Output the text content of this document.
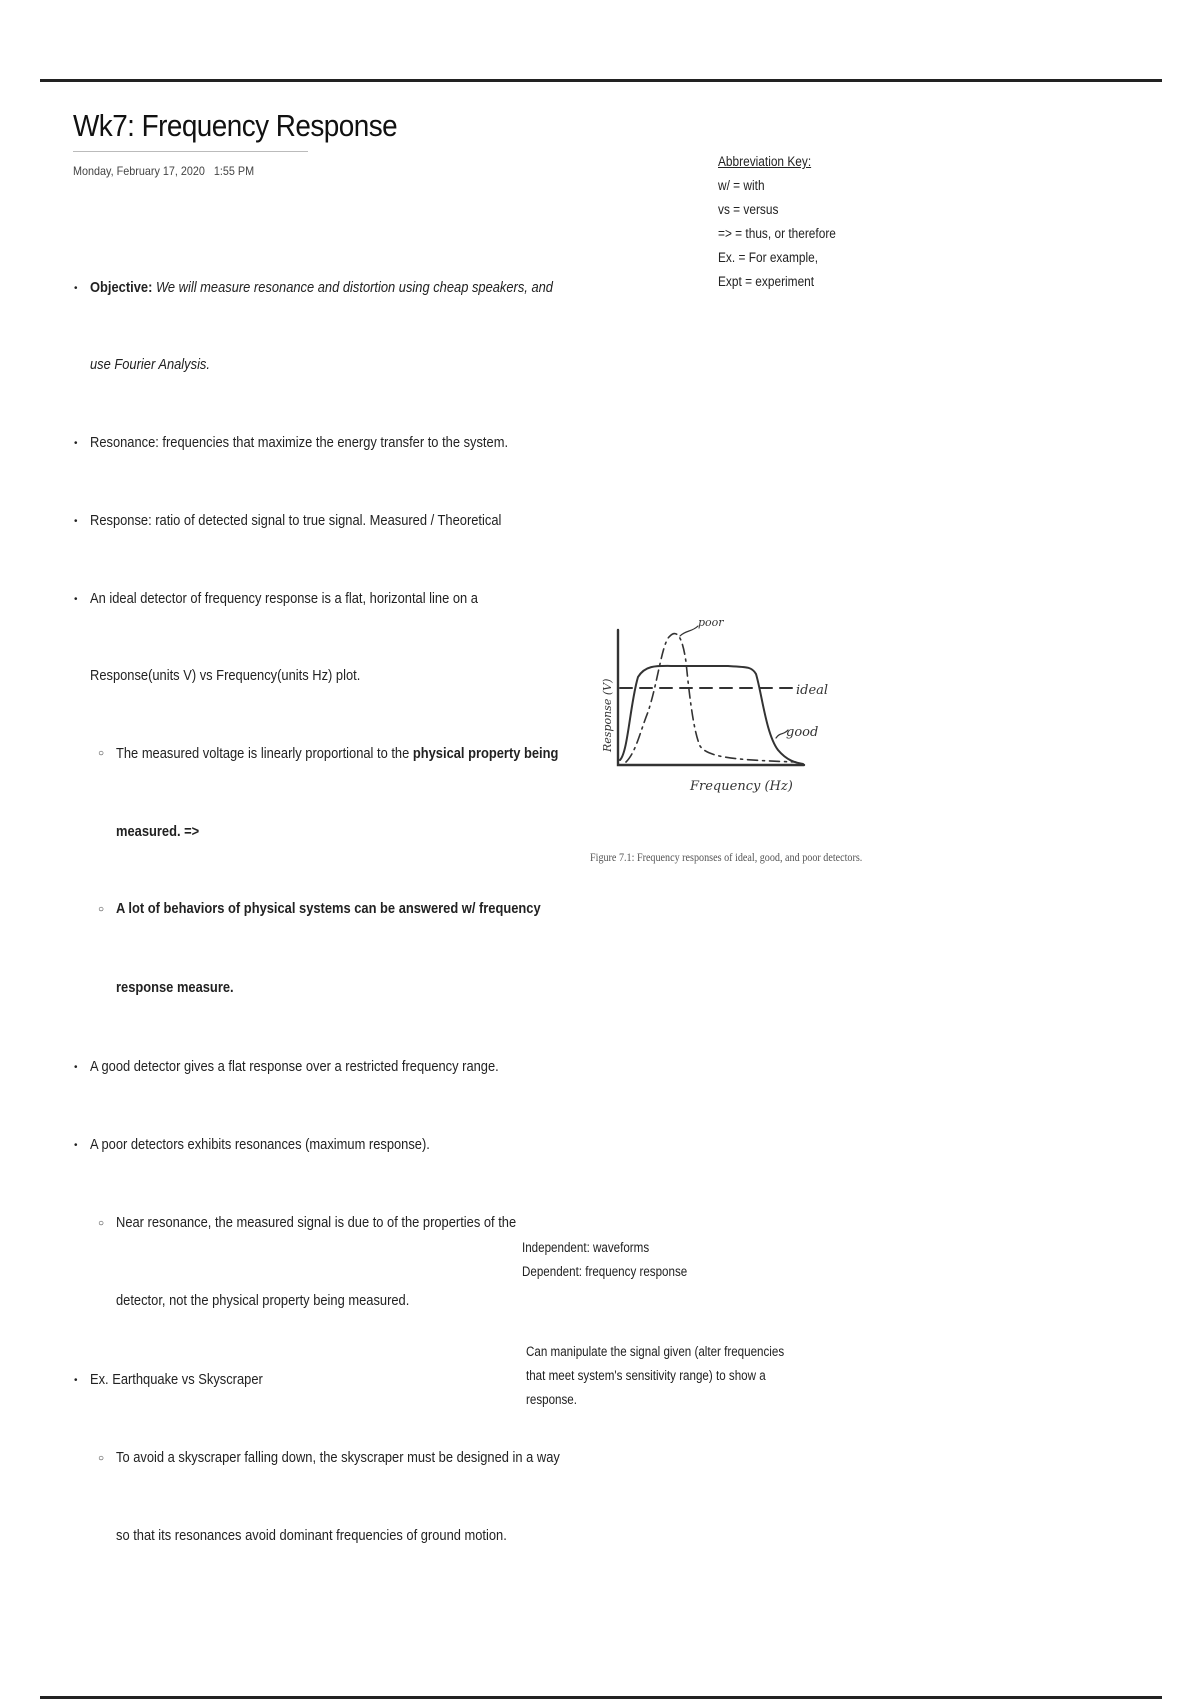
Wk7: Frequency Response
Monday, February 17, 2020 1:55 PM
Abbreviation Key:
w/ = with
vs = versus
=> = thus, or therefore
Ex. = For example,
Expt = experiment
• Objective: We will measure resonance and distortion using cheap speakers, and
use Fourier Analysis.
• Resonance: frequencies that maximize the energy transfer to the system.
• Response: ratio of detected signal to true signal. Measured / Theoretical
• An ideal detector of frequency response is a flat, horizontal line on a
Response(units V) vs Frequency(units Hz) plot.
○ The measured voltage is linearly proportional to the physical property being
measured. =>
○ A lot of behaviors of physical systems can be answered w/ frequency
response measure.
• A good detector gives a flat response over a restricted frequency range.
• A poor detectors exhibits resonances (maximum response).
○ Near resonance, the measured signal is due to of the properties of the
detector, not the physical property being measured.
• Ex. Earthquake vs Skyscraper
○ To avoid a skyscraper falling down, the skyscraper must be designed in a way
so that its resonances avoid dominant frequencies of ground motion.
poor
ideal
good
Frequency (Hz)
Response (V)
Figure 7.1: Frequency responses of ideal, good, and poor detectors.
Independent: waveforms
Dependent: frequency response
Can manipulate the signal given (alter frequencies
that meet system's sensitivity range) to show a
response.
